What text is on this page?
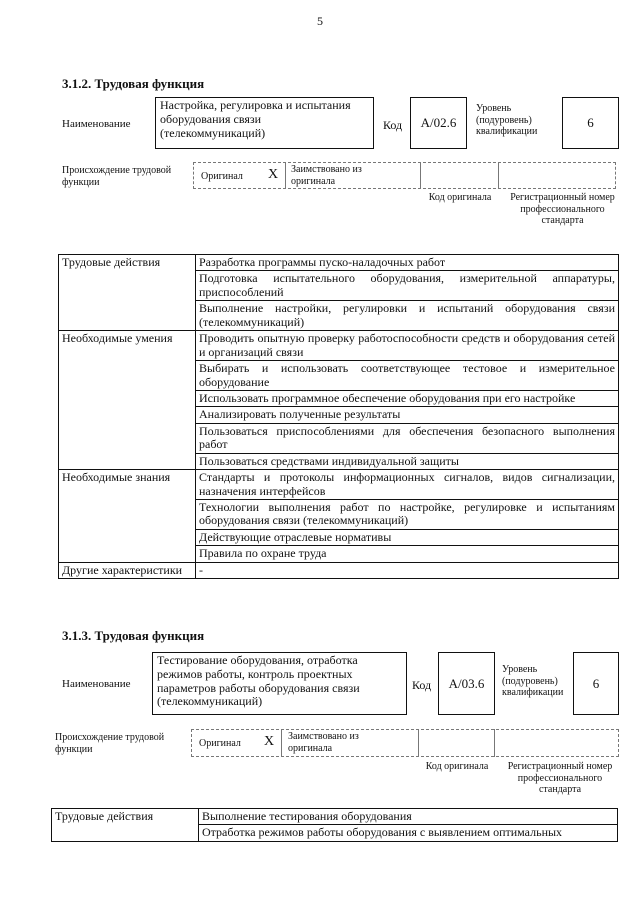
5
3.1.2. Трудовая функция
Наименование
Настройка, регулировка и испытания оборудования связи (телекоммуникаций)
Код	А/02.6
Уровень (подуровень) квалификации
6
Происхождение трудовой функции	Оригинал X Заимствовано из оригинала
Код оригинала	Регистрационный номер профессионального стандарта
Трудовые действия	Разработка программы пуско-наладочных работ
	Подготовка испытательного оборудования, измерительной аппаратуры, приспособлений
	Выполнение настройки, регулировки и испытаний оборудования связи (телекоммуникаций)
Необходимые умения	Проводить опытную проверку работоспособности средств и оборудования сетей и организаций связи
	Выбирать и использовать соответствующее тестовое и измерительное оборудование
	Использовать программное обеспечение оборудования при его настройке
	Анализировать полученные результаты
	Пользоваться приспособлениями для обеспечения безопасного выполнения работ
	Пользоваться средствами индивидуальной защиты
Необходимые знания	Стандарты и протоколы информационных сигналов, видов сигнализации, назначения интерфейсов
	Технологии выполнения работ по настройке, регулировке и испытаниям оборудования связи (телекоммуникаций)
	Действующие отраслевые нормативы
	Правила по охране труда
Другие характеристики	-
3.1.3. Трудовая функция
Наименование
Тестирование оборудования, отработка режимов работы, контроль проектных параметров работы оборудования связи (телекоммуникаций)
Код	А/03.6
Уровень (подуровень) квалификации
6
Происхождение трудовой функции	Оригинал X Заимствовано из оригинала
Код оригинала	Регистрационный номер профессионального стандарта
Трудовые действия	Выполнение тестирования оборудования
Отработка режимов работы оборудования с выявлением оптимальных
